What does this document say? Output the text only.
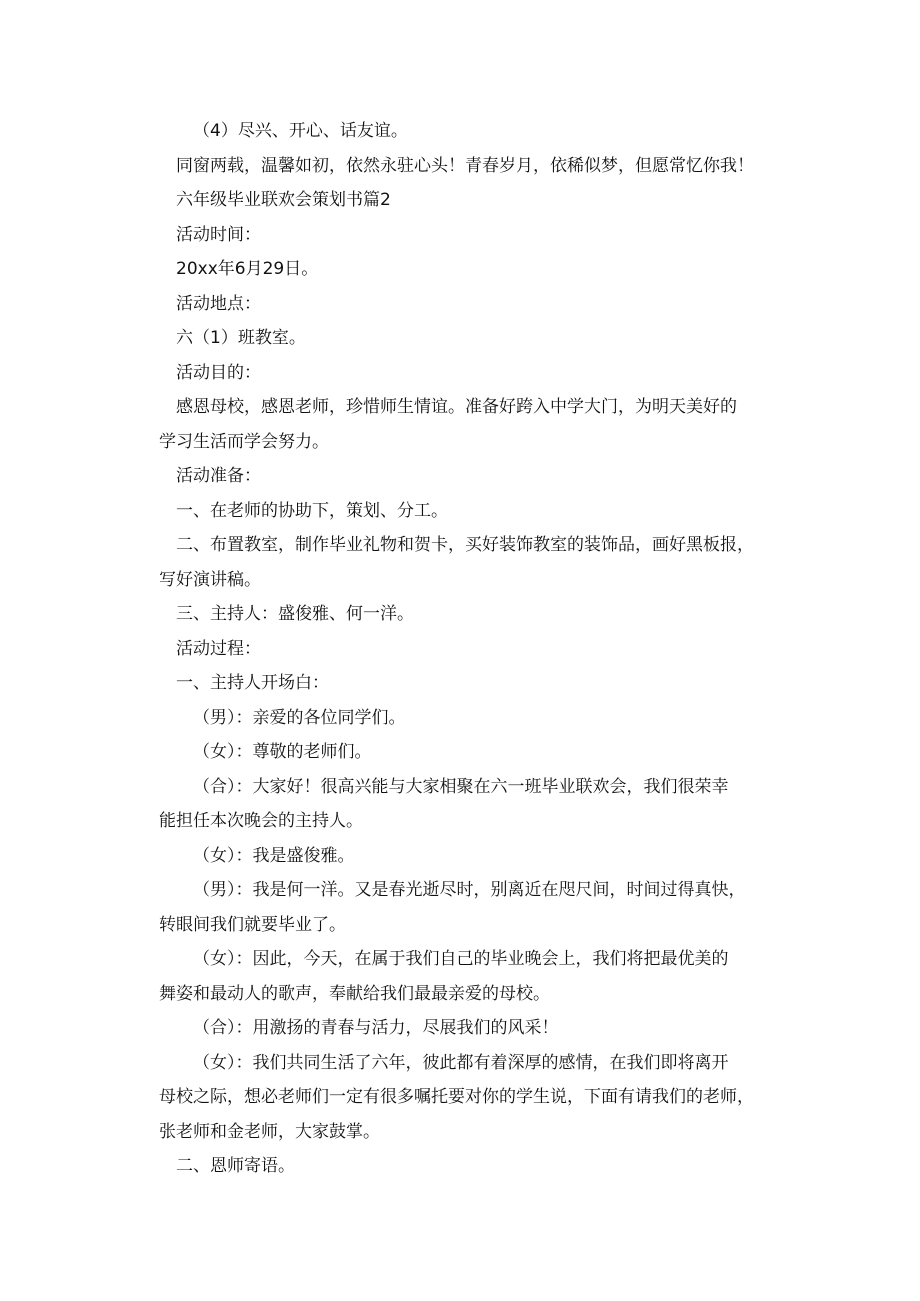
（4）尽兴、开心、话友谊。

同窗两载，温馨如初，依然永驻心头！青春岁月，依稀似梦，但愿常忆你我！

六年级毕业联欢会策划书篇2

活动时间：

20xx年6月29日。

活动地点：

六（1）班教室。

活动目的：

感恩母校，感恩老师，珍惜师生情谊。准备好跨入中学大门，为明天美好的
学习生活而学会努力。

活动准备：

一、在老师的协助下，策划、分工。

二、布置教室，制作毕业礼物和贺卡，买好装饰教室的装饰品，画好黑板报，
写好演讲稿。

三、主持人：盛俊雅、何一洋。

活动过程：

一、主持人开场白：

（男）：亲爱的各位同学们。

（女）：尊敬的老师们。

（合）：大家好！很高兴能与大家相聚在六一班毕业联欢会，我们很荣幸
能担任本次晚会的主持人。

（女）：我是盛俊雅。

（男）：我是何一洋。又是春光逝尽时，别离近在咫尺间，时间过得真快，
转眼间我们就要毕业了。
（女）：因此，今天，在属于我们自己的毕业晚会上，我们将把最优美的
舞姿和最动人的歌声，奉献给我们最最亲爱的母校。

（合）：用激扬的青春与活力，尽展我们的风采！

（女）：我们共同生活了六年，彼此都有着深厚的感情，在我们即将离开
母校之际，想必老师们一定有很多嘱托要对你的学生说，下面有请我们的老师，
张老师和金老师，大家鼓掌。

二、恩师寄语。
